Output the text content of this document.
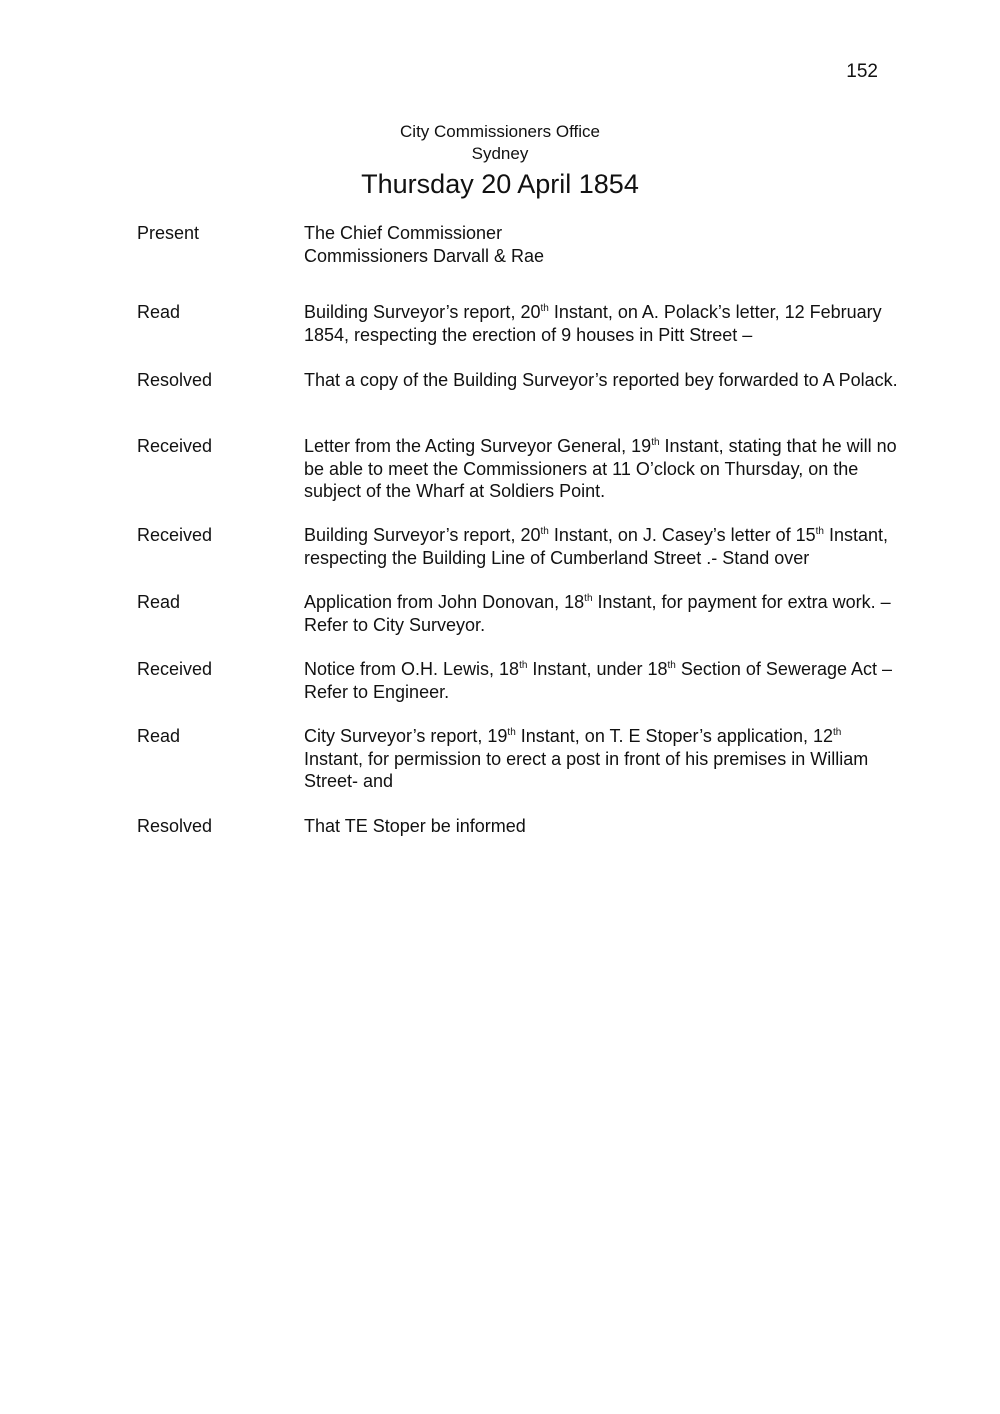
152
City Commissioners Office
Sydney
Thursday 20 April 1854
Present	The Chief Commissioner
Commissioners Darvall & Rae
Read	Building Surveyor’s report, 20th Instant, on A. Polack’s letter, 12 February
1854, respecting the erection of 9 houses in Pitt Street –
Resolved	That a copy of the Building Surveyor’s reported bey forwarded to A Polack.
Received	Letter from the Acting Surveyor General, 19th Instant, stating that he will no
be able to meet the Commissioners at 11 O’clock on Thursday, on the
subject of the Wharf at Soldiers Point.
Received	Building Surveyor’s report, 20th Instant, on J. Casey’s letter of 15th Instant,
respecting the Building Line of Cumberland Street .- Stand over
Read	Application from John Donovan, 18th Instant, for payment for extra work. –
Refer to City Surveyor.
Received	Notice from O.H. Lewis, 18th Instant, under 18th Section of Sewerage Act –
Refer to Engineer.
Read	City Surveyor’s report, 19th Instant, on T. E Stoper’s application, 12th
Instant, for permission to erect a post in front of his premises in William
Street- and
Resolved	That TE Stoper be informed
